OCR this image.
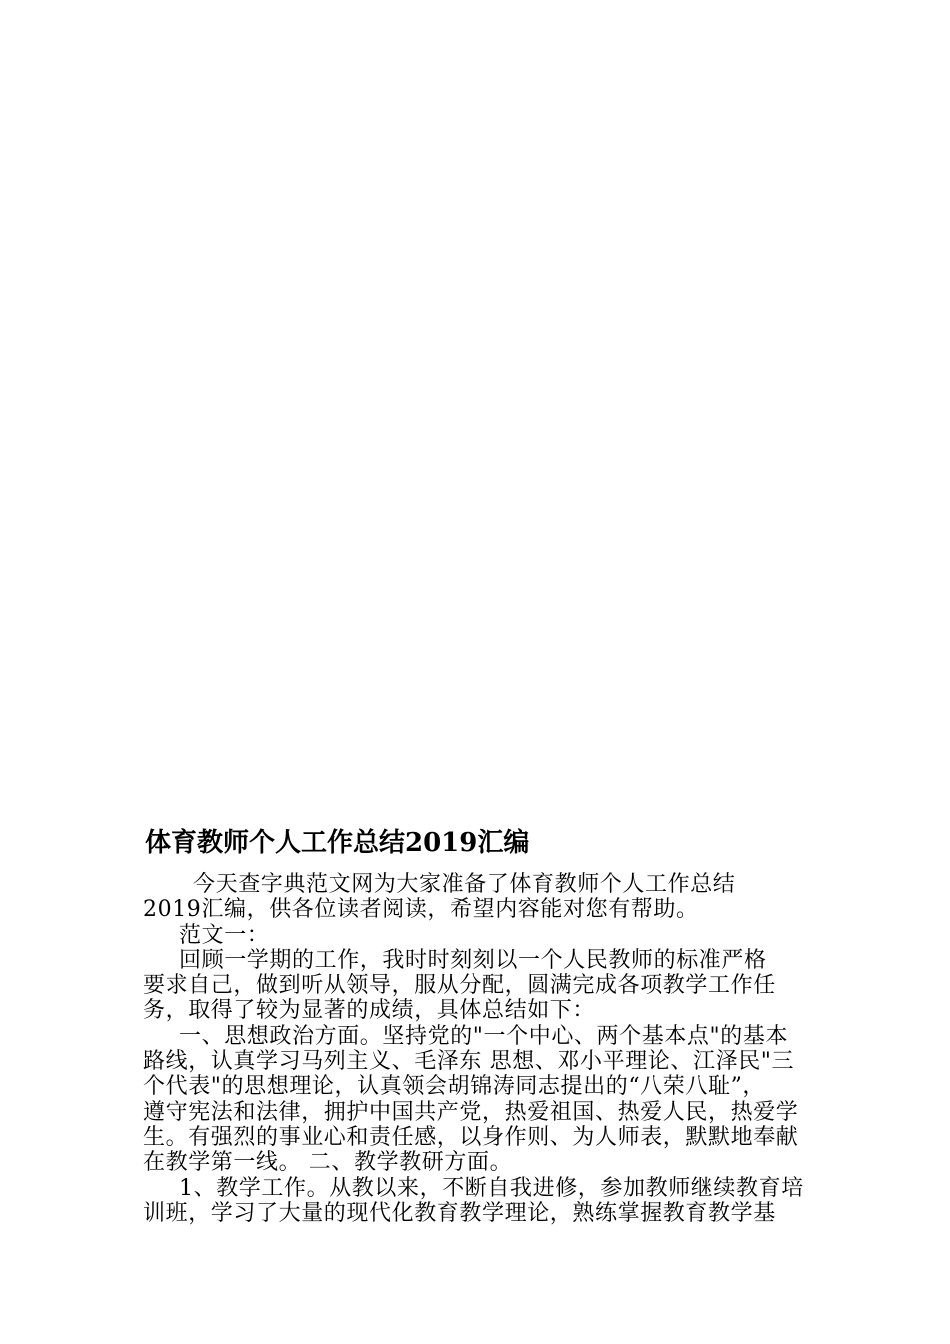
体育教师个人工作总结2019汇编
今天查字典范文网为大家准备了体育教师个人工作总结
2019汇编，供各位读者阅读，希望内容能对您有帮助。
范文一：
回顾一学期的工作，我时时刻刻以一个人民教师的标准严格
要求自己，做到听从领导，服从分配，圆满完成各项教学工作任
务，取得了较为显著的成绩，具体总结如下：
一、思想政治方面。坚持党的"一个中心、两个基本点"的基本
路线，认真学习马列主义、毛泽东 思想、邓小平理论、江泽民"三
个代表"的思想理论，认真领会胡锦涛同志提出的“八荣八耻”，
遵守宪法和法律，拥护中国共产党，热爱祖国、热爱人民，热爱学
生。有强烈的事业心和责任感，以身作则、为人师表，默默地奉献
在教学第一线。 二、教学教研方面。
1、教学工作。从教以来，不断自我进修，参加教师继续教育培
训班，学习了大量的现代化教育教学理论，熟练掌握教育教学基
